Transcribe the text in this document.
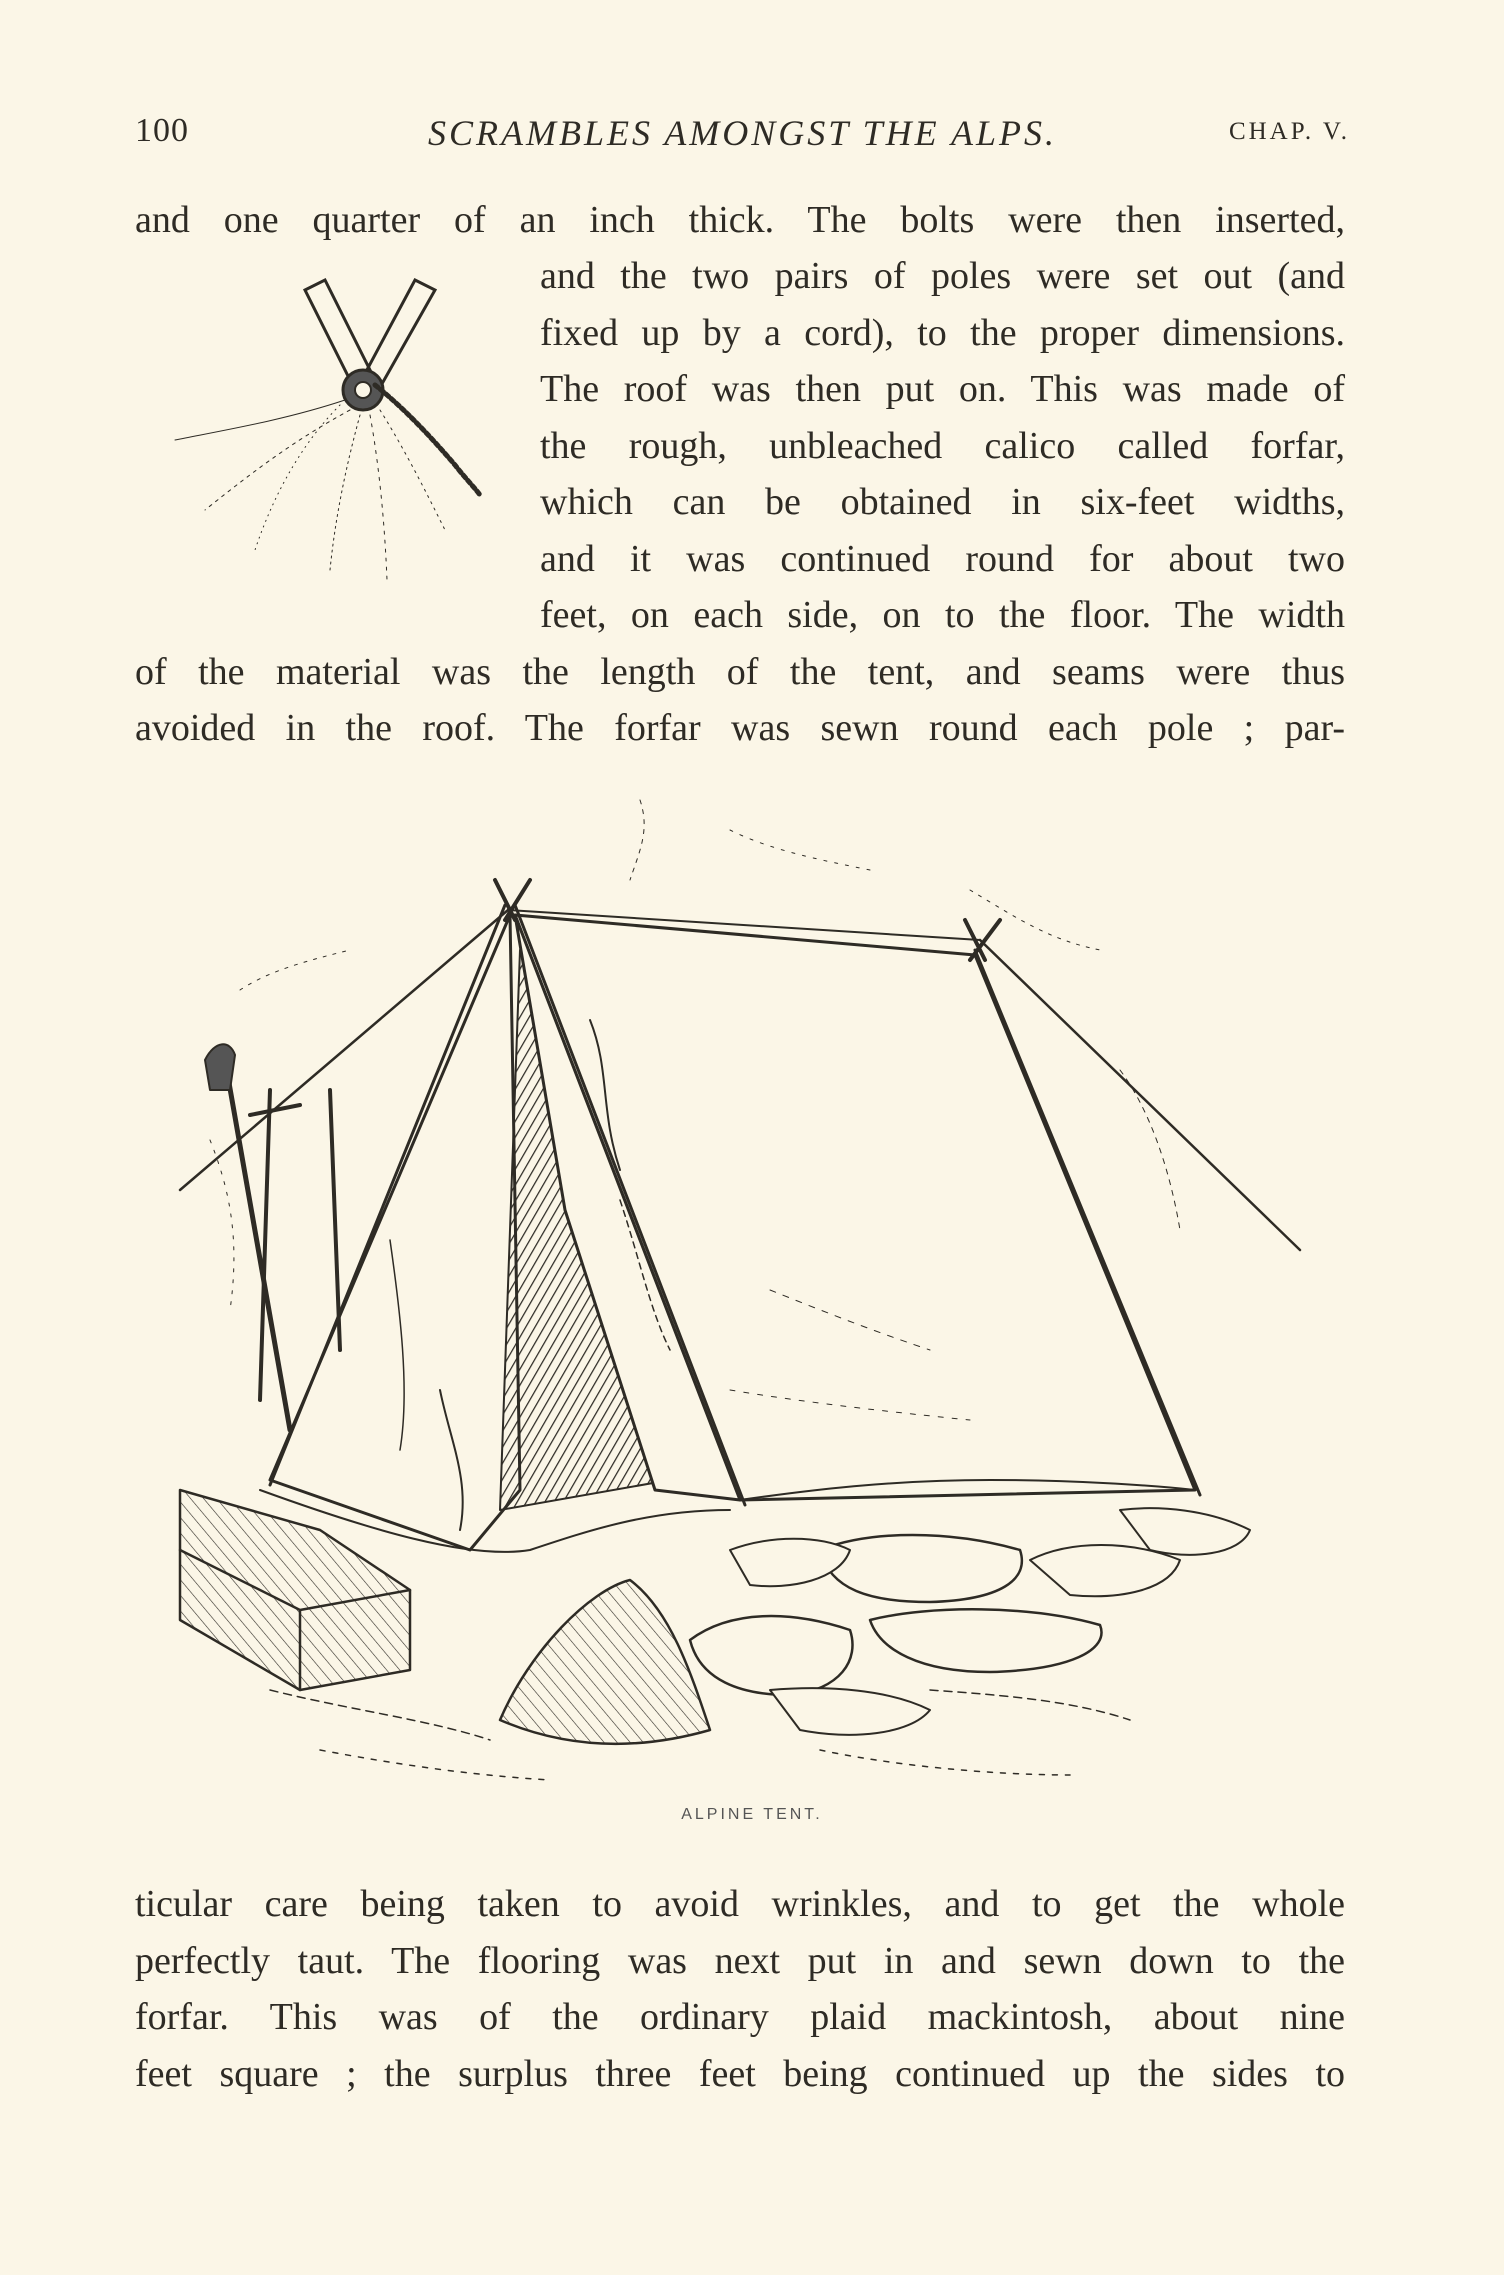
100	SCRAMBLES AMONGST THE ALPS.	CHAP. V.
and one quarter of an inch thick. The bolts were then inserted,
and the two pairs of poles were set out (and
fixed up by a cord), to the proper dimensions.
The roof was then put on. This was made of
the rough, unbleached calico called forfar,
which can be obtained in six-feet widths,
and it was continued round for about two
feet, on each side, on to the floor. The width
of the material was the length of the tent, and seams were thus
avoided in the roof. The forfar was sewn round each pole ; par-
ALPINE TENT.
ticular care being taken to avoid wrinkles, and to get the whole
perfectly taut. The flooring was next put in and sewn down to the
forfar. This was of the ordinary plaid mackintosh, about nine
feet square ; the surplus three feet being continued up the sides to
